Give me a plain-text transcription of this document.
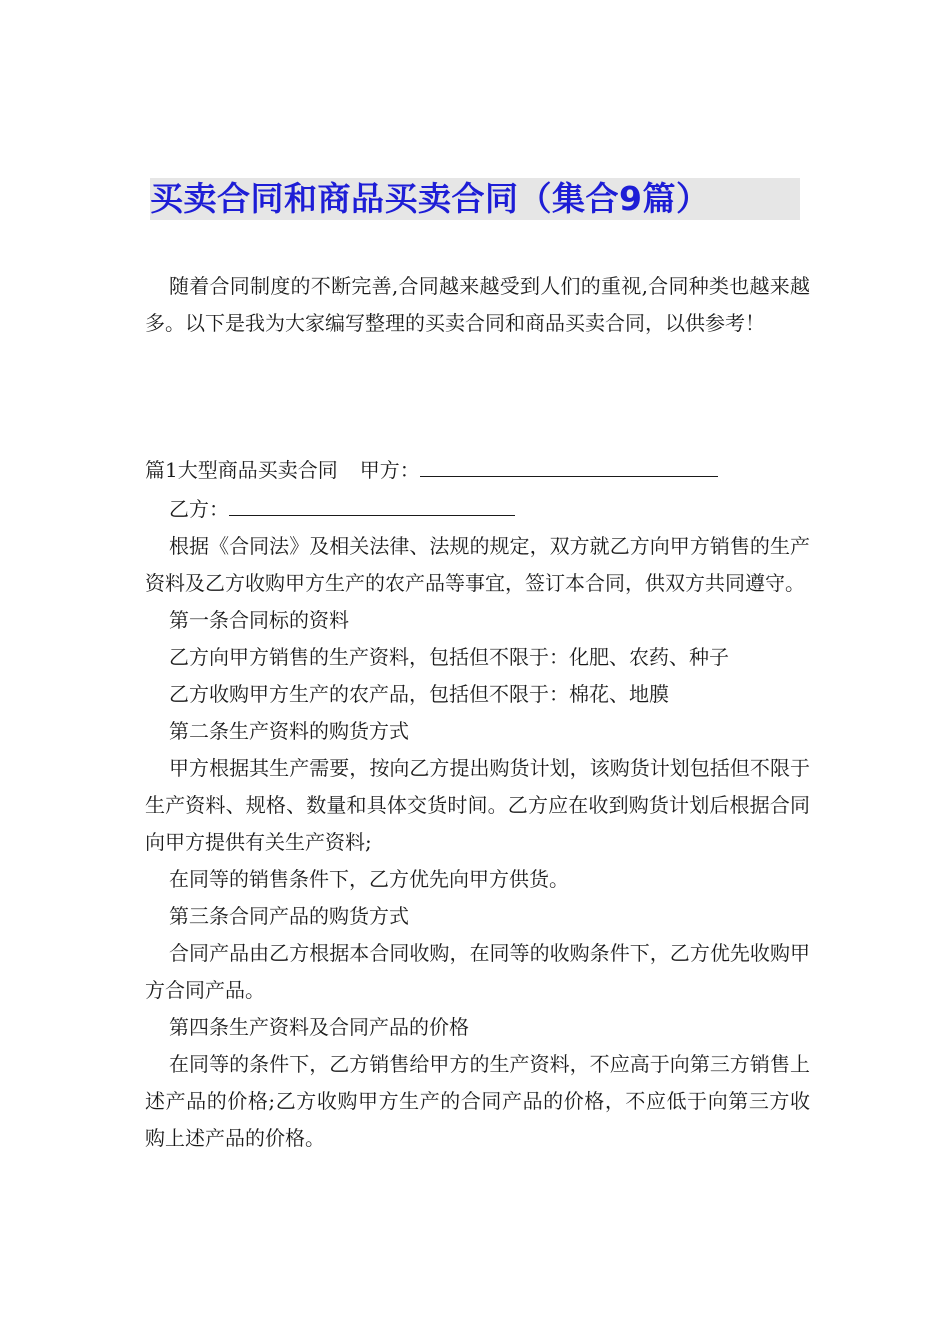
买卖合同和商品买卖合同（集合9篇）

随着合同制度的不断完善,合同越来越受到人们的重视,合同种类也越来越多。以下是我为大家编写整理的买卖合同和商品买卖合同，以供参考！

篇1大型商品买卖合同 甲方：

乙方：

根据《合同法》及相关法律、法规的规定，双方就乙方向甲方销售的生产资料及乙方收购甲方生产的农产品等事宜，签订本合同，供双方共同遵守。

第一条合同标的资料

乙方向甲方销售的生产资料，包括但不限于：化肥、农药、种子

乙方收购甲方生产的农产品，包括但不限于：棉花、地膜

第二条生产资料的购货方式

甲方根据其生产需要，按向乙方提出购货计划，该购货计划包括但不限于生产资料、规格、数量和具体交货时间。乙方应在收到购货计划后根据合同向甲方提供有关生产资料;

在同等的销售条件下，乙方优先向甲方供货。

第三条合同产品的购货方式

合同产品由乙方根据本合同收购，在同等的收购条件下，乙方优先收购甲方合同产品。

第四条生产资料及合同产品的价格

在同等的条件下，乙方销售给甲方的生产资料，不应高于向第三方销售上述产品的价格;乙方收购甲方生产的合同产品的价格，不应低于向第三方收购上述产品的价格。
